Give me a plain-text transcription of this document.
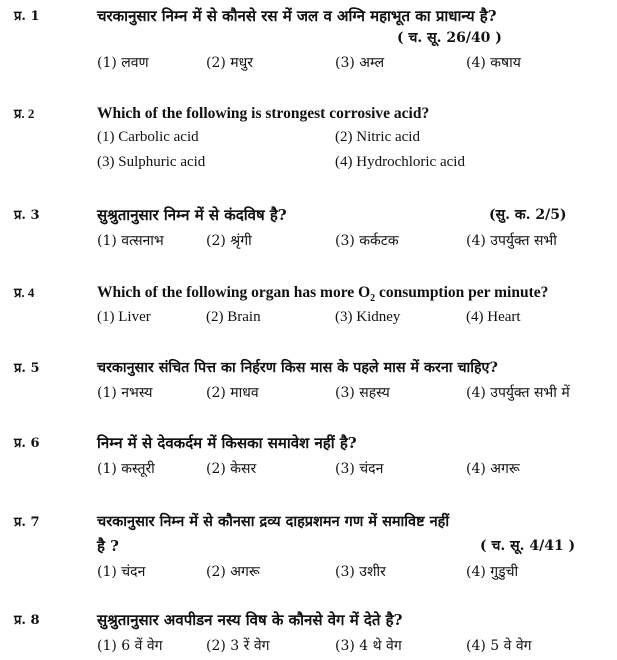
प्र. 1	चरकानुसार निम्न में से कौनसे रस में जल व अग्नि महाभूत का प्राधान्य है?
( च. सू. 26/40 )
(1) लवण	(2) मधुर	(3) अम्ल	(4) कषाय
प्र. 2	Which of the following is strongest corrosive acid?
(1) Carbolic acid	(2) Nitric acid
(3) Sulphuric acid	(4) Hydrochloric acid
प्र. 3	सुश्रुतानुसार निम्न में से कंदविष है?	(सु. क. 2/5)
(1) वत्सनाभ	(2) श्रृंगी	(3) कर्कटक	(4) उपर्युक्त सभी
प्र. 4	Which of the following organ has more $O_2$ consumption per minute?
(1) Liver	(2) Brain	(3) Kidney	(4) Heart
प्र. 5	चरकानुसार संचित पित्त का निर्हरण किस मास के पहले मास में करना चाहिए?
(1) नभस्य	(2) माधव	(3) सहस्य	(4) उपर्युक्त सभी में
प्र. 6	निम्न में से देवकर्दम में किसका समावेश नहीं है?
(1) कस्तूरी	(2) केसर	(3) चंदन	(4) अगरू
प्र. 7	चरकानुसार निम्न में से कौनसा द्रव्य दाहप्रशमन गण में समाविष्ट नहीं
है ?	( च. सू. 4/41 )
(1) चंदन	(2) अगरू	(3) उशीर	(4) गुडुची
प्र. 8	सुश्रुतानुसार अवपीडन नस्य विष के कौनसे वेग में देते है?
(1) 6 वें वेग	(2) 3 रें वेग	(3) 4 थे वेग	(4) 5 वे वेग
